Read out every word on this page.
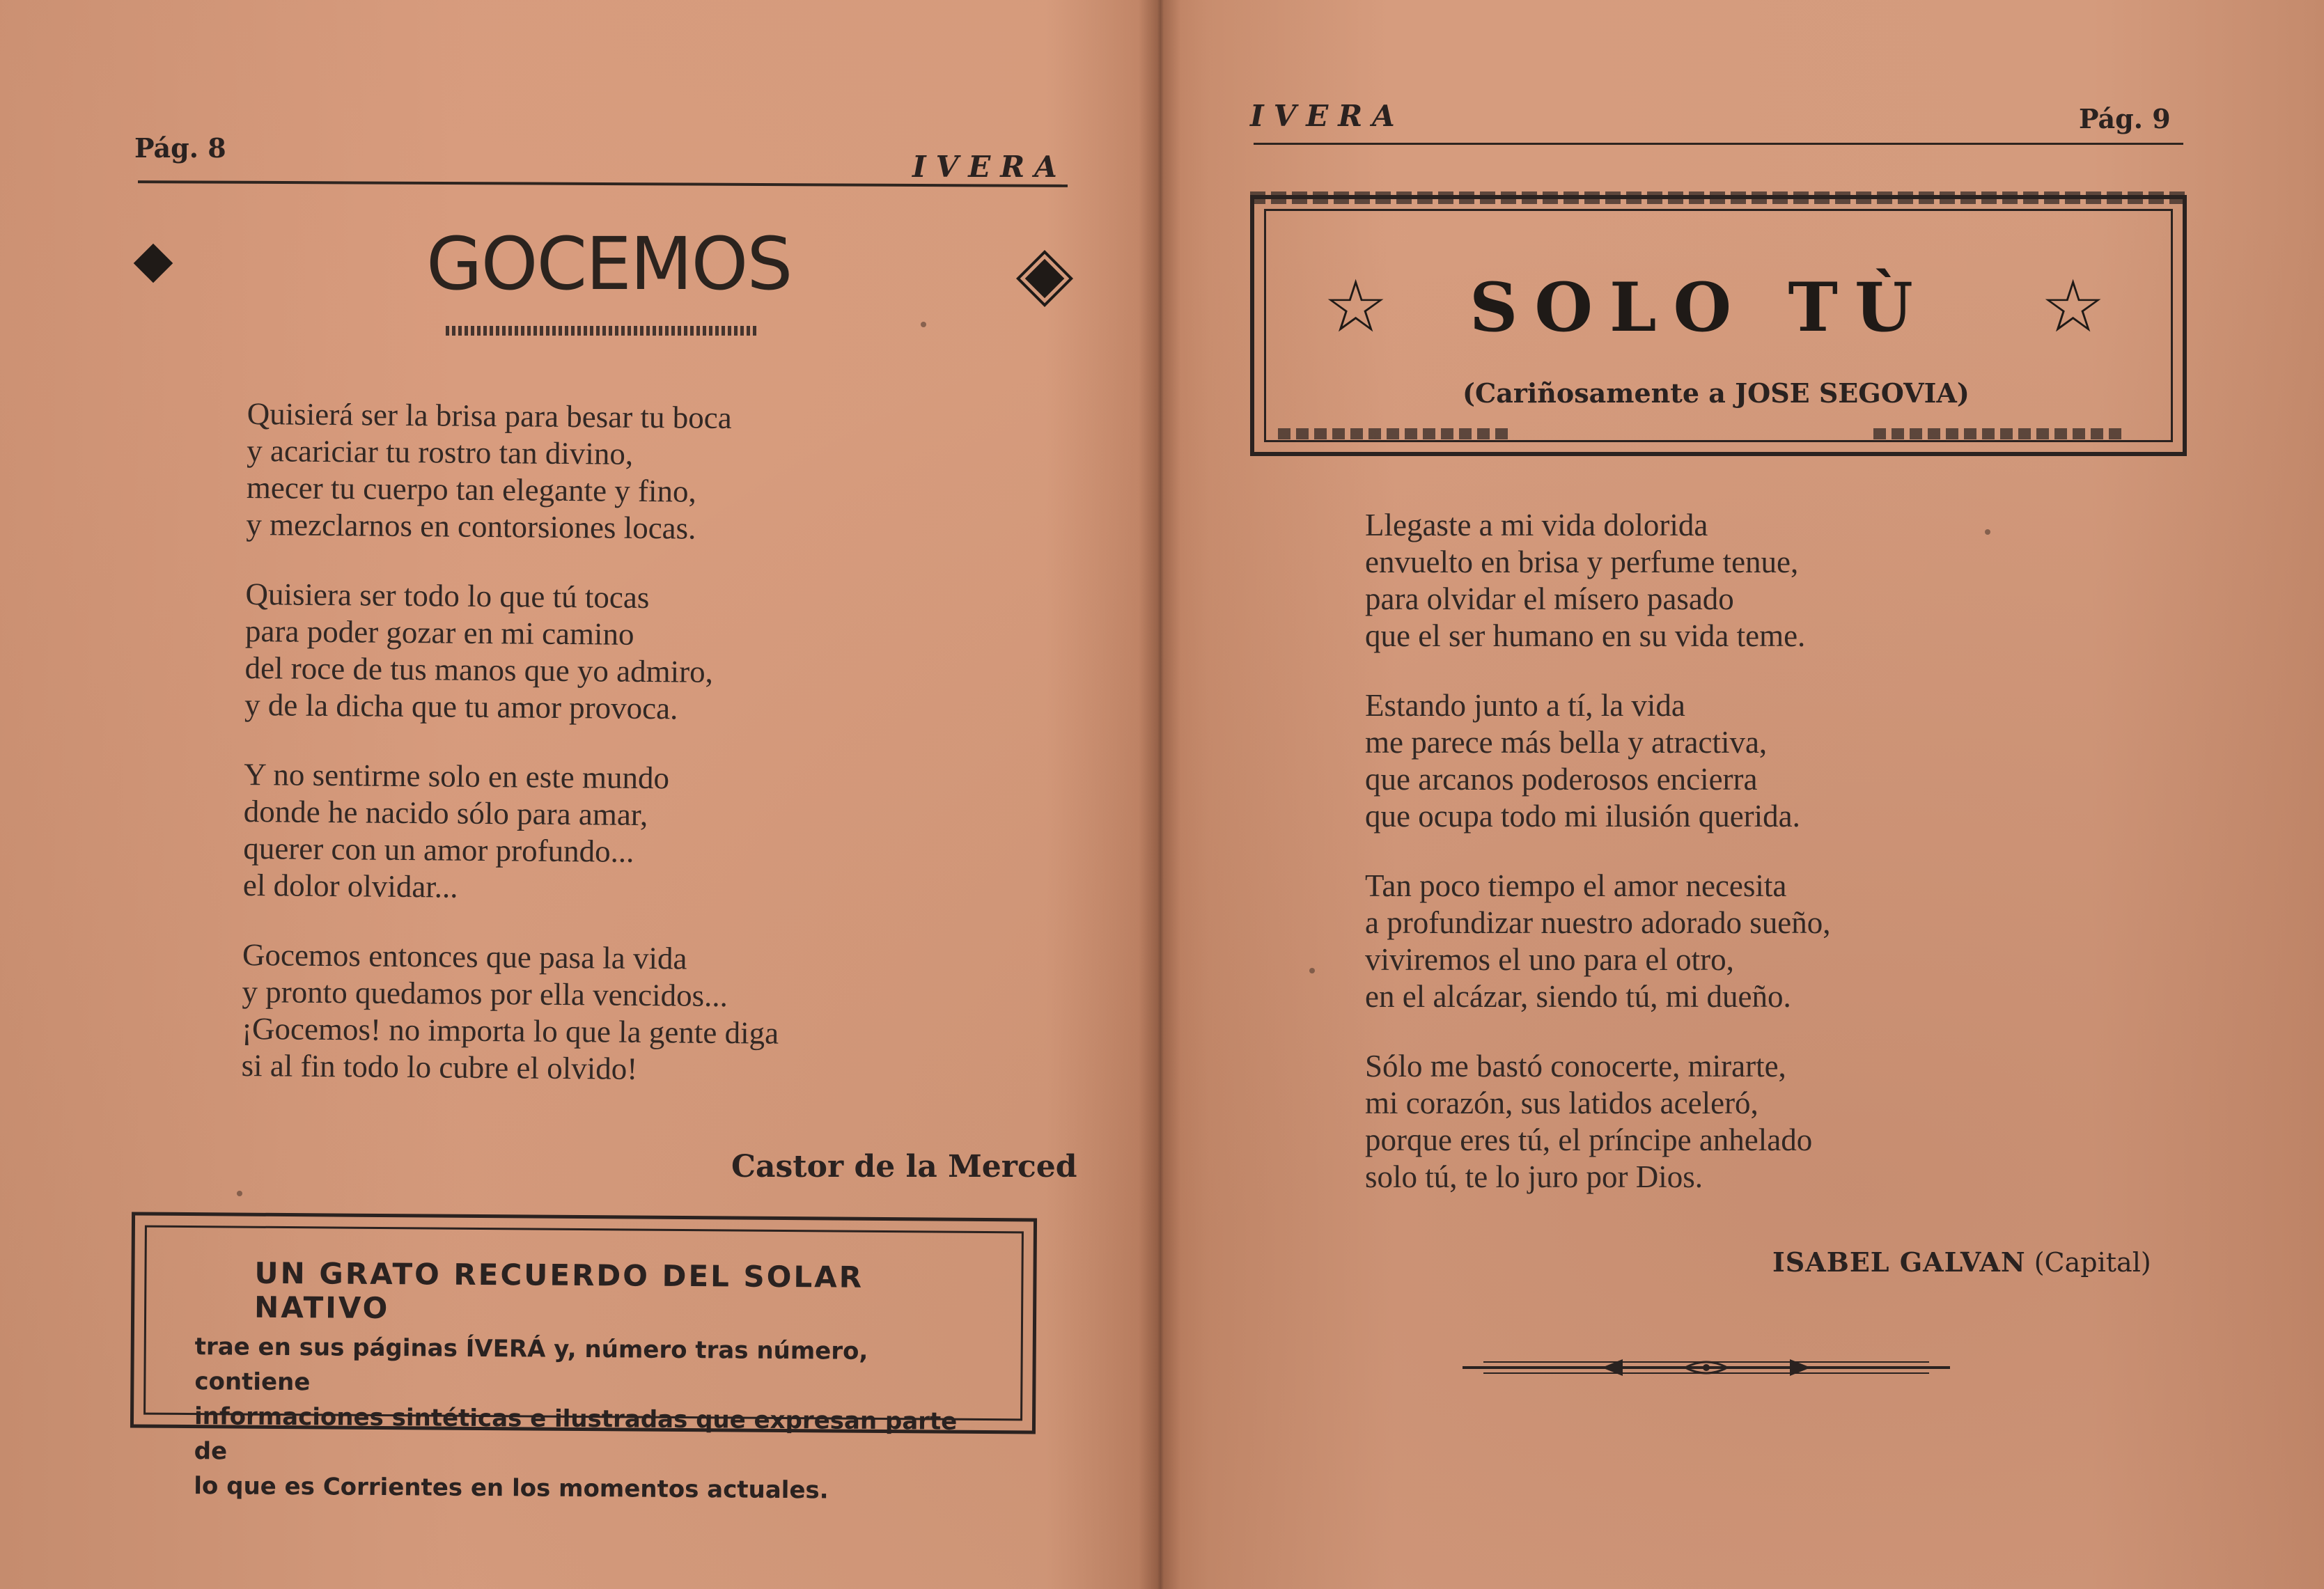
Pág. 8
IVERA
GOCEMOS
Quisierá ser la brisa para besar tu boca
y acariciar tu rostro tan divino,
mecer tu cuerpo tan elegante y fino,
y mezclarnos en contorsiones locas.
Quisiera ser todo lo que tú tocas
para poder gozar en mi camino
del roce de tus manos que yo admiro,
y de la dicha que tu amor provoca.
Y no sentirme solo en este mundo
donde he nacido sólo para amar,
querer con un amor profundo...
el dolor olvidar...
Gocemos entonces que pasa la vida
y pronto quedamos por ella vencidos...
¡Gocemos! no importa lo que la gente diga
si al fin todo lo cubre el olvido!
Castor de la Merced
UN GRATO RECUERDO DEL SOLAR NATIVO
trae en sus páginas ÍVERÁ y, número tras número, contiene
informaciones sintéticas e ilustradas que expresan parte de
lo que es Corrientes en los momentos actuales.
IVERA	Pág. 9
☆	☆
SOLO TÙ
(Cariñosamente a JOSE SEGOVIA)
Llegaste a mi vida dolorida
envuelto en brisa y perfume tenue,
para olvidar el mísero pasado
que el ser humano en su vida teme.
Estando junto a tí, la vida
me parece más bella y atractiva,
que arcanos poderosos encierra
que ocupa todo mi ilusión querida.
Tan poco tiempo el amor necesita
a profundizar nuestro adorado sueño,
viviremos el uno para el otro,
en el alcázar, siendo tú, mi dueño.
Sólo me bastó conocerte, mirarte,
mi corazón, sus latidos aceleró,
porque eres tú, el príncipe anhelado
solo tú, te lo juro por Dios.
ISABEL GALVAN (Capital)
